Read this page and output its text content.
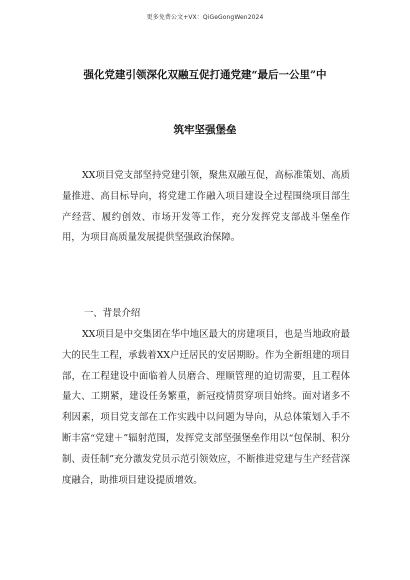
更多免费公文+VX：QiGeGongWen2024
强化党建引领深化双融互促打通党建“最后一公里”中
筑牢坚强堡垒

XX项目党支部坚持党建引领，聚焦双融互促，高标准策划、高质量推进、高目标导向，将党建工作融入项目建设全过程围绕项目部生产经营、履约创效、市场开发等工作，充分发挥党支部战斗堡垒作用，为项目高质量发展提供坚强政治保障。

一、背景介绍

XX项目是中交集团在华中地区最大的房建项目，也是当地政府最大的民生工程，承载着XX户迁居民的安居期盼。作为全新组建的项目部，在工程建设中面临着人员磨合、理顺管理的迫切需要，且工程体量大、工期紧，建设任务繁重，新冠疫情贯穿项目始终。面对诸多不利因素，项目党支部在工作实践中以问题为导向，从总体策划入手不断丰富“党建＋”辐射范围，发挥党支部坚强堡垒作用以“包保制、积分制、责任制”充分激发党员示范引领效应，不断推进党建与生产经营深度融合，助推项目建设提质增效。
